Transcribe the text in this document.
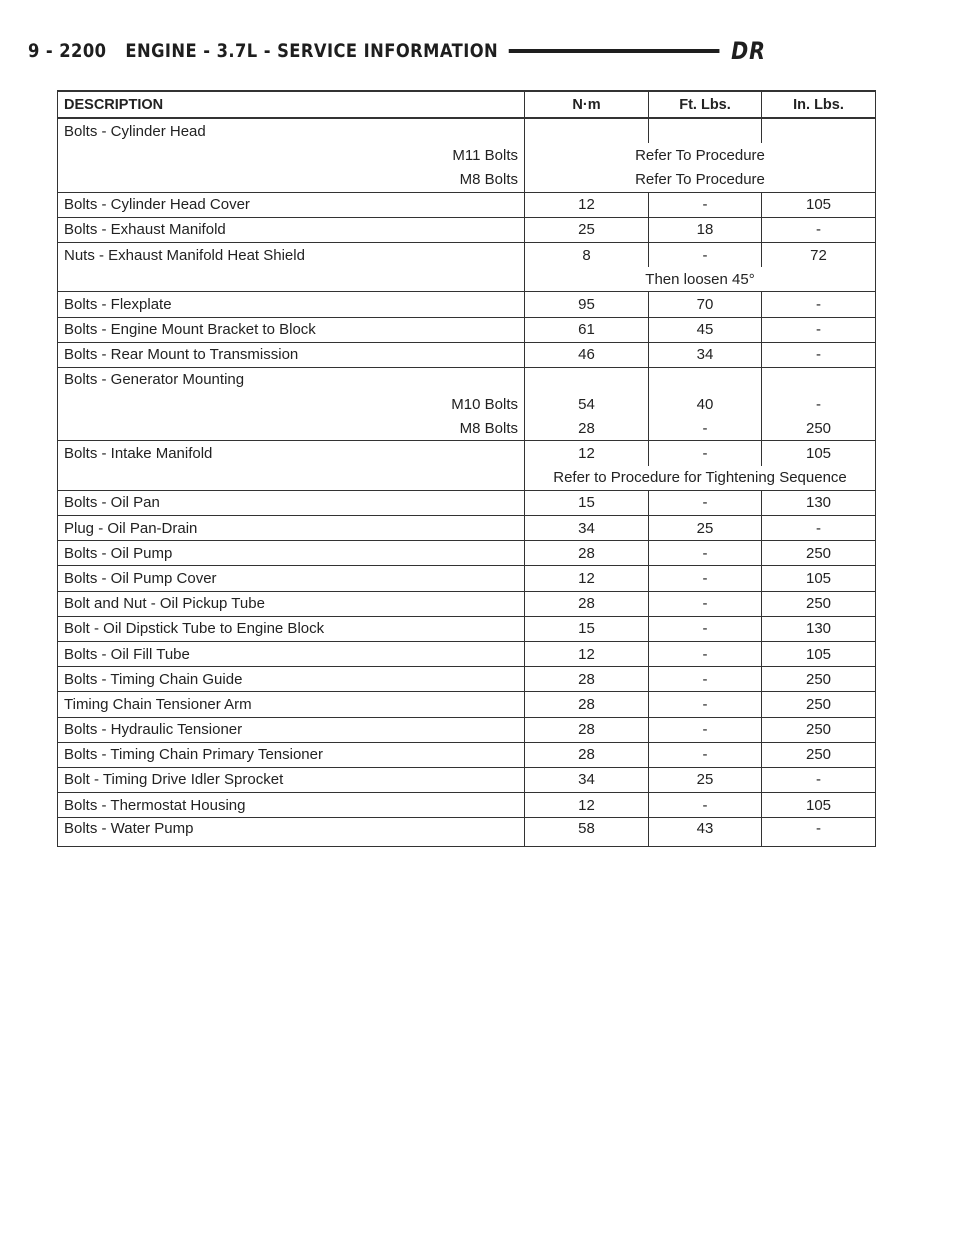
9 - 2200 ENGINE - 3.7L - SERVICE INFORMATION	DR
DESCRIPTION	N·m	Ft. Lbs.	In. Lbs.
Bolts - Cylinder Head			
M11 Bolts	Refer To Procedure		
M8 Bolts	Refer To Procedure		
Bolts - Cylinder Head Cover	12	-	105
Bolts - Exhaust Manifold	25	18	-
Nuts - Exhaust Manifold Heat Shield	8	-	72
	Then loosen 45°		
Bolts - Flexplate	95	70	-
Bolts - Engine Mount Bracket to Block	61	45	-
Bolts - Rear Mount to Transmission	46	34	-
Bolts - Generator Mounting			
M10 Bolts	54	40	-
M8 Bolts	28	-	250
Bolts - Intake Manifold	12	-	105
	Refer to Procedure for Tightening Sequence		
Bolts - Oil Pan	15	-	130
Plug - Oil Pan-Drain	34	25	-
Bolts - Oil Pump	28	-	250
Bolts - Oil Pump Cover	12	-	105
Bolt and Nut - Oil Pickup Tube	28	-	250
Bolt - Oil Dipstick Tube to Engine Block	15	-	130
Bolts - Oil Fill Tube	12	-	105
Bolts - Timing Chain Guide	28	-	250
Timing Chain Tensioner Arm	28	-	250
Bolts - Hydraulic Tensioner	28	-	250
Bolts - Timing Chain Primary Tensioner	28	-	250
Bolt - Timing Drive Idler Sprocket	34	25	-
Bolts - Thermostat Housing	12	-	105
Bolts - Water Pump	58	43	-
